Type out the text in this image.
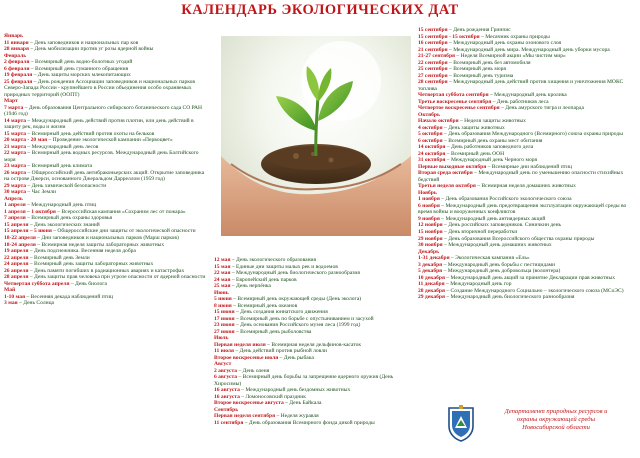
КАЛЕНДАРЬ ЭКОЛОГИЧЕСКИХ ДАТ
Январь
11 января – День заповедников и национальных пар ков
28 января – День мобилизации против уг розы ядерной войны
Февраль
2 февраля – Всемирный день водно-болотных угодий
6 февраля – Всемирный день гуманного обращения
19 февраля – День защиты морских млекопитающих
25 февраля – День рождения Ассоциации заповедников и национальных парков Северо-Запада России - крупнейшего в России объединения особо охраняемых природных территорий (ООПТ)
Март
7 марта – День образования Центрального сибирского ботанического сада СО РАН (1946 год)
14 марта – Международный день действий против плотин, или день действий в защиту рек, воды и жизни
15 марта – Всемирный день действий против охоты на бельков
20 марта - 20 мая – Проведение экологической кампании «Первоцвет»
21 марта – Международный день лесов
22 марта – Всемирный день водных ресурсов. Международный день Балтийского моря
23 марта – Всемирный день климата
26 марта – Общероссийский день антибраконьерских акций. Открытие заповедника на острове Джерси, основанного Джеральдом Дарреллом (1959 год)
29 марта – День химической безопасности
30 марта – Час Земли
Апрель
1 апреля – Международный день птиц
1 апреля – 1 октября – Всероссийская кампания «Сохраним лес от пожара»
7 апреля – Всемирный день охраны здоровья
15 апреля – День экологических знаний
15 апреля – 5 июня – Общероссийские дни защиты от экологической опасности
18-22 апреля – Дни заповедников и национальных парков (Марш парков)
18-24 апреля – Всемирная неделя защиты лабораторных животных
19 апреля – День подснежника. Весенняя неделя добра
22 апреля – Всемирный день Земли
24 апреля – Всемирный день защиты лабораторных животных
26 апреля – День памяти погибших в радиационных авариях и катастрофах
28 апреля – День защиты прав человека при угрозе опасности от ядерной опасности
Четвертая суббота апреля – День биолога
Май
1-10 мая – Весенняя декада наблюдений птиц
3 мая – День Солнца
12 мая – День экологического образования
15 мая – Единые дни защиты малых рек и водоемов
22 мая – Международный день биологического разнообразия
24 мая – Европейский день парков
25 мая – День нерпёнка
Июнь
5 июня – Всемирный день окружающей среды (День эколога)
8 июня – Всемирный день океанов
15 июня – День создания юннатского движения
17 июня – Всемирный день по борьбе с опустыниванием и засухой
23 июня – День основания Российского музея леса (1999 год)
27 июня – Всемирный день рыболовства
Июль
Первая неделя июля – Всемирная неделя дельфинов-касаток
11 июля – День действий против рыбной ловли
Второе воскресенье июля – День рыбака
Август
2 августа – День оленя
6 августа – Всемирный день борьбы за запрещение ядерного оружия (День Хиросимы)
16 августа – Международный день бездомных животных
16 августа – Ломоносовский праздник
Второе воскресенье августа – День Байкала
Сентябрь
Первая неделя сентября – Неделя журавля
11 сентября – День образования Всемирного фонда дикой природы
15 сентября – День рождения Гринпис
15 сентября - 15 октября – Месячник охраны природы
16 сентября – Международный день охраны озонового слоя
21 сентября – Международный день мира. Международный день уборки мусора
21-27 сентября – Неделя Всемирной акции «Мы чистим мир»
22 сентября – Всемирный день без автомобиля
25 сентября – Всемирный день моря
27 сентября – Всемирный день туризма
28 сентября – Международный день действий против хищения и уничтожения МОКС топлива
Четвертая суббота сентября – Международный день кролика
Третье воскресенье сентября – День работников леса
Четвертое воскресенье сентября – День амурского тигра и леопарда
Октябрь
Начало октября – Неделя защиты животных
4 октября – День защиты животных
5 октября – День образования Международного (Всемирного) союза охраны природы
6 октября – Всемирный день охраны мест обитания
14 октября – День работников заповедного дела
24 октября – Всемирный день ООН
31 октября – Международный день Черного моря
Первые выходные октября – Всемирные дни наблюдений птиц
Вторая среда октября – Международный день по уменьшению опасности стихийных бедствий
Третья неделя октября – Всемирная неделя домашних животных
Ноябрь
1 ноября – День образования Российского экологического союза
6 ноября – Международный день предотвращения эксплуатации окружающей среды во время войны и вооруженных конфликтов
9 ноября – Международный день антиядерных акций
12 ноября – День российских заповедников. Синичкин день
15 ноября – День вторичной переработки
29 ноября – День образования Всероссийского общества охраны природы
30 ноября – Международный день домашних животных
Декабрь
1-31 декабря – Экологическая кампания «Ель»
3 декабря – Международный день борьбы с пестицидами
5 декабря – Международный день добровольца (волонтера)
10 декабря – Международный день акций за принятие Декларации прав животных
11 декабря – Международный день гор
28 декабря – Создание Международного Социально – экологического союза (МСоЭС)
29 декабря – Международный день биологического разнообразия
Департамент природных ресурсов и
охраны окружающей среды
Новосибирской области
